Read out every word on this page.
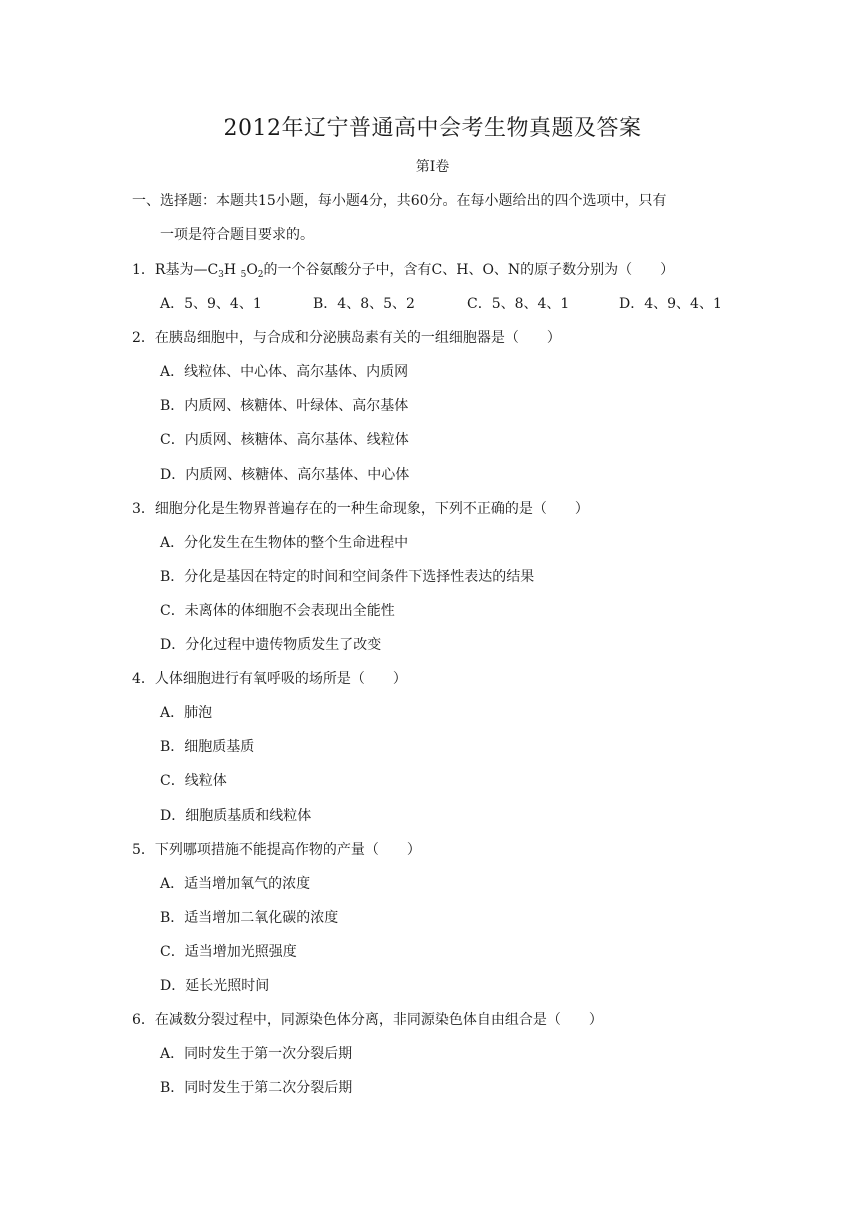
2012年辽宁普通高中会考生物真题及答案
第Ⅰ卷
一、选择题：本题共15小题，每小题4分，共60分。在每小题给出的四个选项中，只有
一项是符合题目要求的。
1．R基为$—C_3H$ $_5O_2$的一个谷氨酸分子中，含有C、H、O、N的原子数分别为（　　）
A．5、9、4、1	B．4、8、5、2	C．5、8、4、1	D．4、9、4、1
2．在胰岛细胞中，与合成和分泌胰岛素有关的一组细胞器是（　　）
A．线粒体、中心体、高尔基体、内质网
B．内质网、核糖体、叶绿体、高尔基体
C．内质网、核糖体、高尔基体、线粒体
D．内质网、核糖体、高尔基体、中心体
3．细胞分化是生物界普遍存在的一种生命现象，下列不正确的是（　　）
A．分化发生在生物体的整个生命进程中
B．分化是基因在特定的时间和空间条件下选择性表达的结果
C．未离体的体细胞不会表现出全能性
D．分化过程中遗传物质发生了改变
4．人体细胞进行有氧呼吸的场所是（　　）
A．肺泡
B．细胞质基质
C．线粒体
D．细胞质基质和线粒体
5．下列哪项措施不能提高作物的产量（　　）
A．适当增加氧气的浓度
B．适当增加二氧化碳的浓度
C．适当增加光照强度
D．延长光照时间
6．在减数分裂过程中，同源染色体分离，非同源染色体自由组合是（　　）
A．同时发生于第一次分裂后期
B．同时发生于第二次分裂后期
